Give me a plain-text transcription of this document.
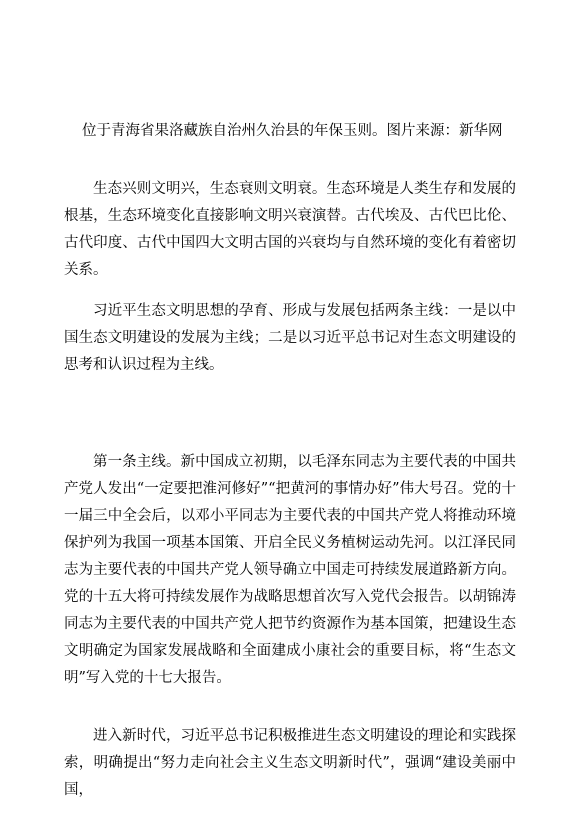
位于青海省果洛藏族自治州久治县的年保玉则。图片来源：新华网

生态兴则文明兴，生态衰则文明衰。生态环境是人类生存和发展的根基，生态环境变化直接影响文明兴衰演替。古代埃及、古代巴比伦、古代印度、古代中国四大文明古国的兴衰均与自然环境的变化有着密切关系。

习近平生态文明思想的孕育、形成与发展包括两条主线：一是以中国生态文明建设的发展为主线；二是以习近平总书记对生态文明建设的思考和认识过程为主线。

第一条主线。新中国成立初期，以毛泽东同志为主要代表的中国共产党人发出“一定要把淮河修好”“把黄河的事情办好”伟大号召。党的十一届三中全会后，以邓小平同志为主要代表的中国共产党人将推动环境保护列为我国一项基本国策、开启全民义务植树运动先河。以江泽民同志为主要代表的中国共产党人领导确立中国走可持续发展道路新方向。党的十五大将可持续发展作为战略思想首次写入党代会报告。以胡锦涛同志为主要代表的中国共产党人把节约资源作为基本国策，把建设生态文明确定为国家发展战略和全面建成小康社会的重要目标，将“生态文明”写入党的十七大报告。

进入新时代，习近平总书记积极推进生态文明建设的理论和实践探索，明确提出“努力走向社会主义生态文明新时代”，强调“建设美丽中国，
